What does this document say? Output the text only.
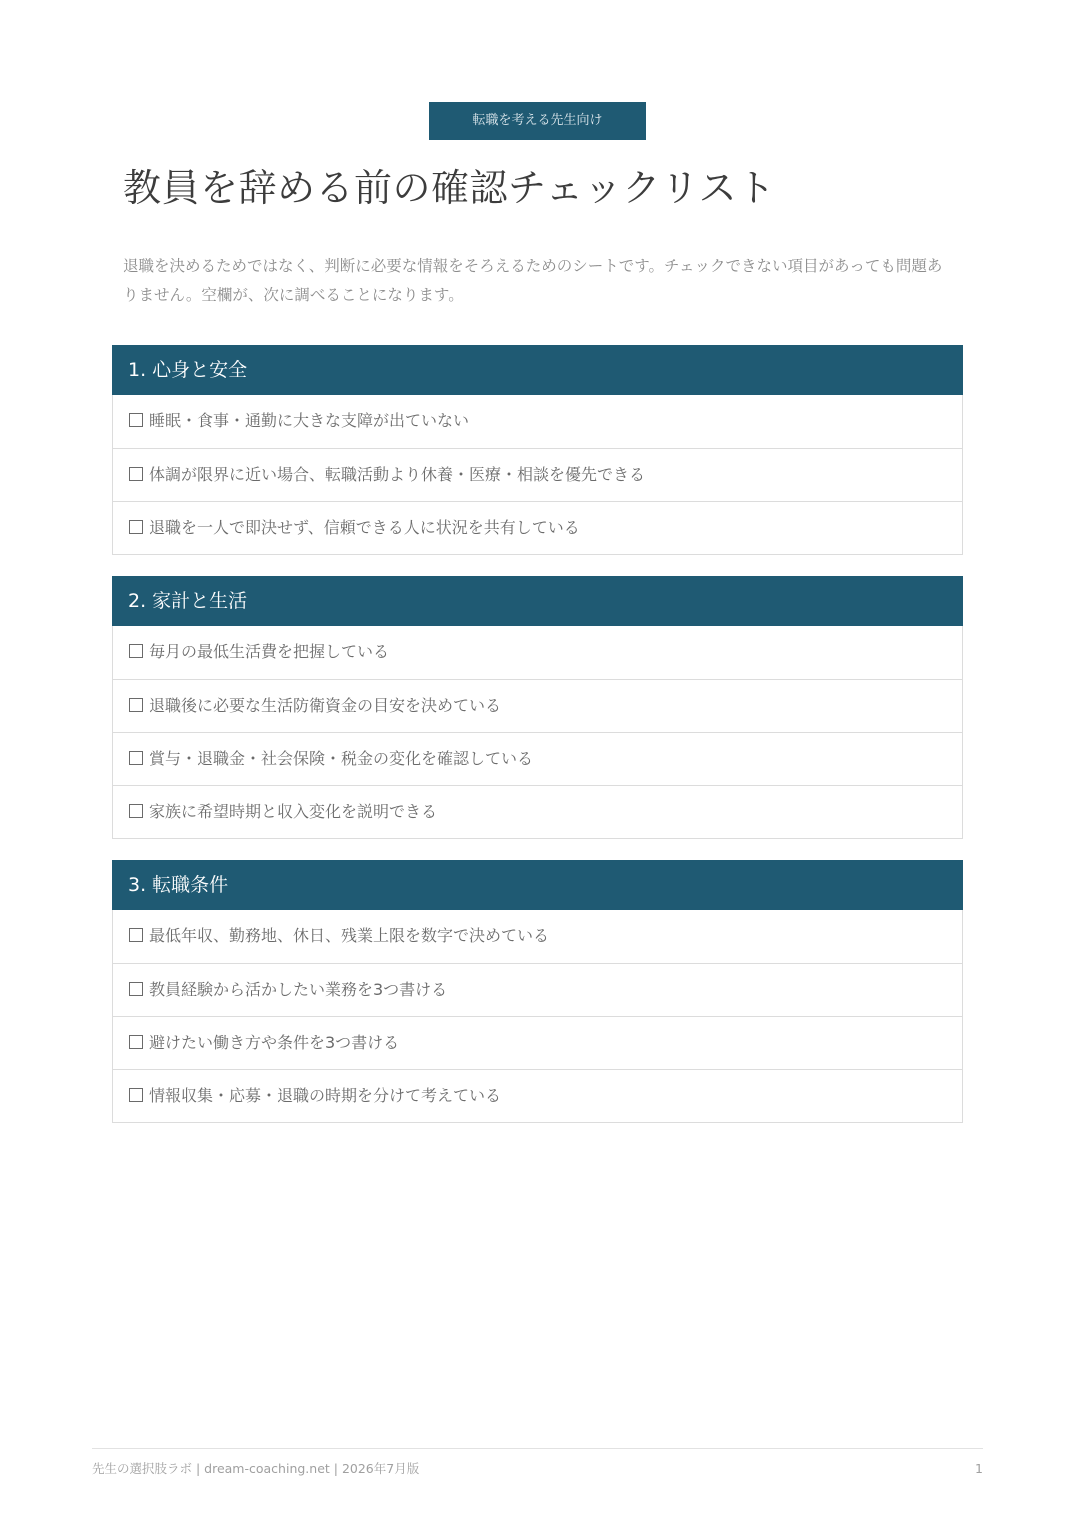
転職を考える先生向け
教員を辞める前の確認チェックリスト

退職を決めるためではなく、判断に必要な情報をそろえるためのシートです。チェックできない項目があっても問題ありません。空欄が、次に調べることになります。

1. 心身と安全
睡眠・食事・通勤に大きな支障が出ていない
体調が限界に近い場合、転職活動より休養・医療・相談を優先できる
退職を一人で即決せず、信頼できる人に状況を共有している
2. 家計と生活
毎月の最低生活費を把握している
退職後に必要な生活防衛資金の目安を決めている
賞与・退職金・社会保険・税金の変化を確認している
家族に希望時期と収入変化を説明できる
3. 転職条件
最低年収、勤務地、休日、残業上限を数字で決めている
教員経験から活かしたい業務を3つ書ける
避けたい働き方や条件を3つ書ける
情報収集・応募・退職の時期を分けて考えている
先生の選択肢ラボ | dream-coaching.net | 2026年7月版	1
